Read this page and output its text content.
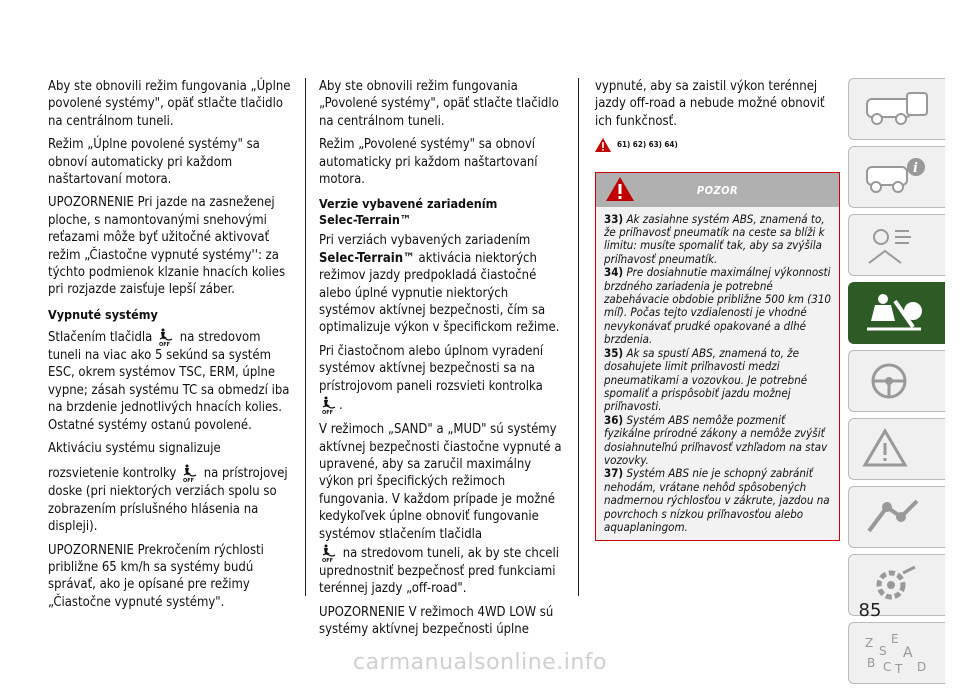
Aby ste obnovili režim fungovania „Úplne povolené systémy", opäť stlačte tlačidlo na centrálnom tuneli.

Režim „Úplne povolené systémy" sa obnoví automaticky pri každom naštartovaní motora.

UPOZORNENIE Pri jazde na zasneženej ploche, s namontovanými snehovými reťazami môže byť užitočné aktivovať režim „Čiastočne vypnuté systémy'': za týchto podmienok klzanie hnacích kolies pri rozjazde zaisťuje lepší záber.

Vypnuté systémy

Stlačením tlačidla OFF na stredovom tuneli na viac ako 5 sekúnd sa systém ESC, okrem systémov TSC, ERM, úplne vypne; zásah systému TC sa obmedzí iba na brzdenie jednotlivých hnacích kolies. Ostatné systémy ostanú povolené.

Aktiváciu systému signalizuje

rozsvietenie kontrolky OFF na prístrojovej doske (pri niektorých verziách spolu so zobrazením príslušného hlásenia na displeji).

UPOZORNENIE Prekročením rýchlosti približne 65 km/h sa systémy budú správať, ako je opísané pre režimy „Čiastočne vypnuté systémy".

Aby ste obnovili režim fungovania „Povolené systémy", opäť stlačte tlačidlo na centrálnom tuneli.

Režim „Povolené systémy" sa obnoví automaticky pri každom naštartovaní motora.

Verzie vybavené zariadením
Selec-Terrain™

Pri verziách vybavených zariadením Selec-Terrain™ aktivácia niektorých režimov jazdy predpokladá čiastočné alebo úplné vypnutie niektorých systémov aktívnej bezpečnosti, čím sa optimalizuje výkon v špecifickom režime.

Pri čiastočnom alebo úplnom vyradení systémov aktívnej bezpečnosti sa na prístrojovom paneli rozsvieti kontrolka

OFF .

V režimoch „SAND" a „MUD" sú systémy aktívnej bezpečnosti čiastočne vypnuté a upravené, aby sa zaručil maximálny výkon pri špecifických režimoch fungovania. V každom prípade je možné kedykoľvek úplne obnoviť fungovanie systémov stlačením tlačidla

OFF na stredovom tuneli, ak by ste chceli uprednostniť bezpečnosť pred funkciami terénnej jazdy „off-road".

UPOZORNENIE V režimoch 4WD LOW sú systémy aktívnej bezpečnosti úplne

vypnuté, aby sa zaistil výkon terénnej jazdy off-road a nebude možné obnoviť ich funkčnosť.

61) 62) 63) 64)
POZOR

33) Ak zasiahne systém ABS, znamená to, že priľnavosť pneumatík na ceste sa blíži k limitu: musíte spomaliť tak, aby sa zvýšila priľnavosť pneumatík.

34) Pre dosiahnutie maximálnej výkonnosti brzdného zariadenia je potrebné zabehávacie obdobie približne 500 km (310 míľ). Počas tejto vzdialenosti je vhodné nevykonávať prudké opakované a dlhé brzdenia.

35) Ak sa spustí ABS, znamená to, že dosahujete limit priľnavosti medzi pneumatikami a vozovkou. Je potrebné spomaliť a prispôsobiť jazdu možnej priľnavosti.

36) Systém ABS nemôže pozmeniť fyzikálne prírodné zákony a nemôže zvýšiť dosiahnuteľnú priľnavosť vzhľadom na stav vozovky.

37) Systém ABS nie je schopný zabrániť nehodám, vrátane nehôd spôsobených nadmernou rýchlosťou v zákrute, jazdou na povrchoch s nízkou priľnavosťou alebo aquaplaningom.

i
Z E
A
B C T
S
D
85
carmanualsonline.info
